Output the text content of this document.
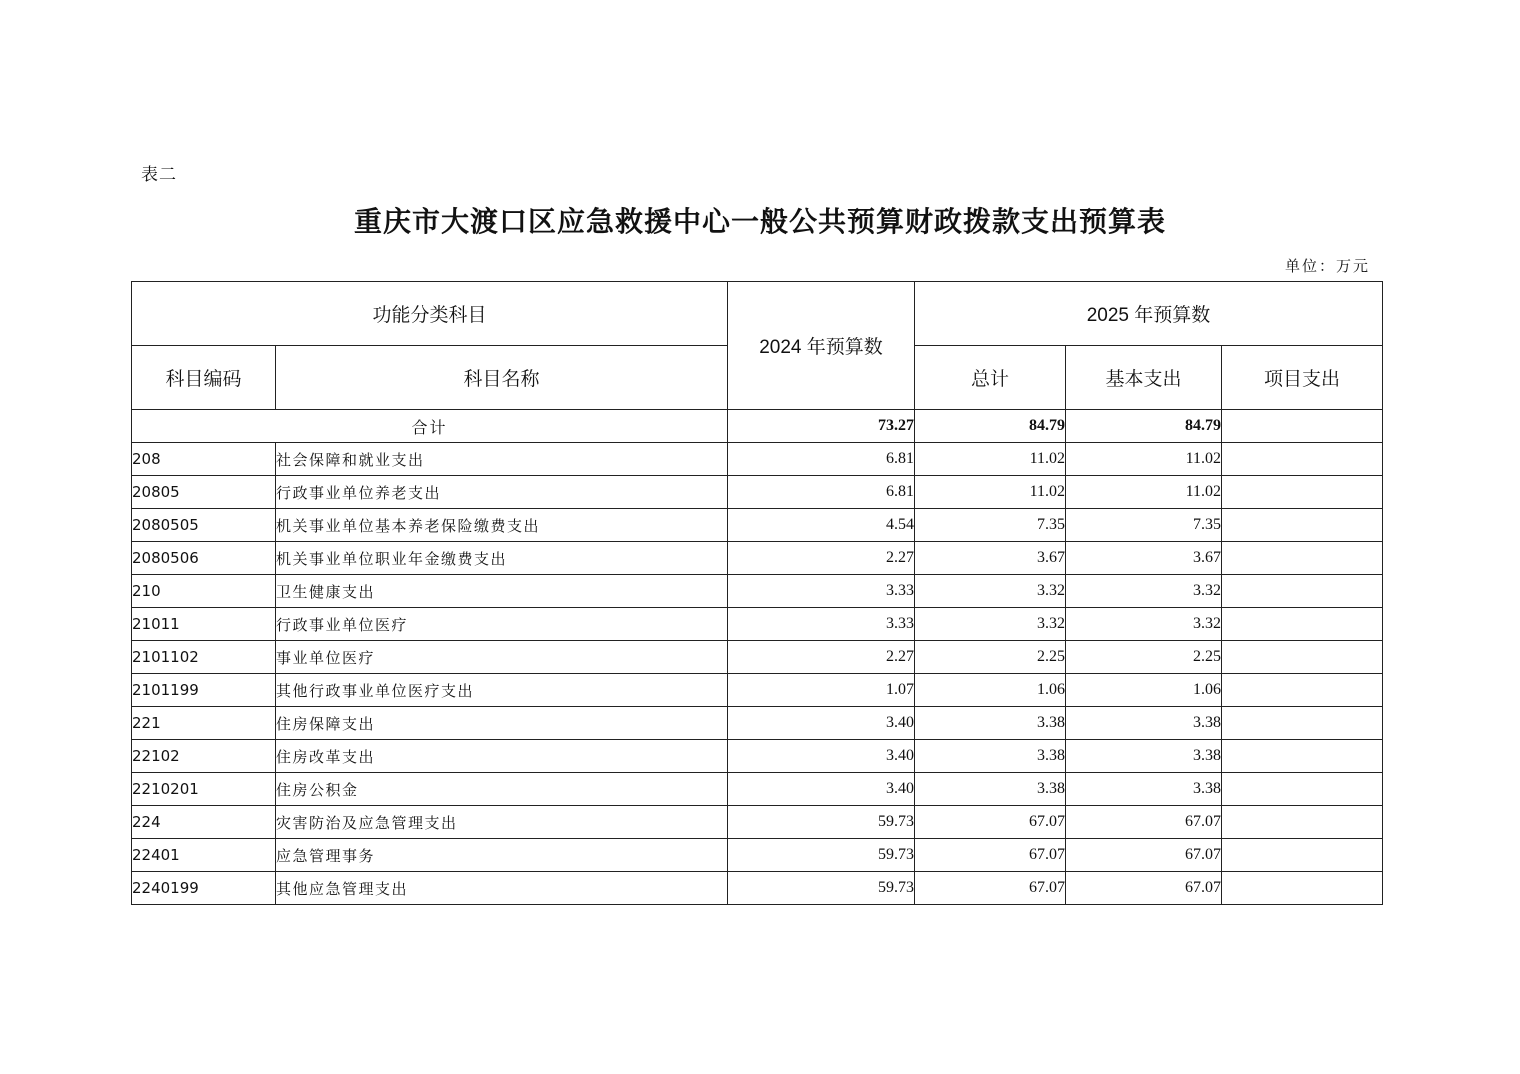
表二
重庆市大渡口区应急救援中心一般公共预算财政拨款支出预算表
单位：万元
功能分类科目		2024 年预算数	2025 年预算数		
科目编码	科目名称		总计	基本支出	项目支出
合计		73.27	84.79	84.79	
208	社会保障和就业支出	6.81	11.02	11.02	
20805	行政事业单位养老支出	6.81	11.02	11.02	
2080505	机关事业单位基本养老保险缴费支出	4.54	7.35	7.35	
2080506	机关事业单位职业年金缴费支出	2.27	3.67	3.67	
210	卫生健康支出	3.33	3.32	3.32	
21011	行政事业单位医疗	3.33	3.32	3.32	
2101102	事业单位医疗	2.27	2.25	2.25	
2101199	其他行政事业单位医疗支出	1.07	1.06	1.06	
221	住房保障支出	3.40	3.38	3.38	
22102	住房改革支出	3.40	3.38	3.38	
2210201	住房公积金	3.40	3.38	3.38	
224	灾害防治及应急管理支出	59.73	67.07	67.07	
22401	应急管理事务	59.73	67.07	67.07	
2240199	其他应急管理支出	59.73	67.07	67.07	
